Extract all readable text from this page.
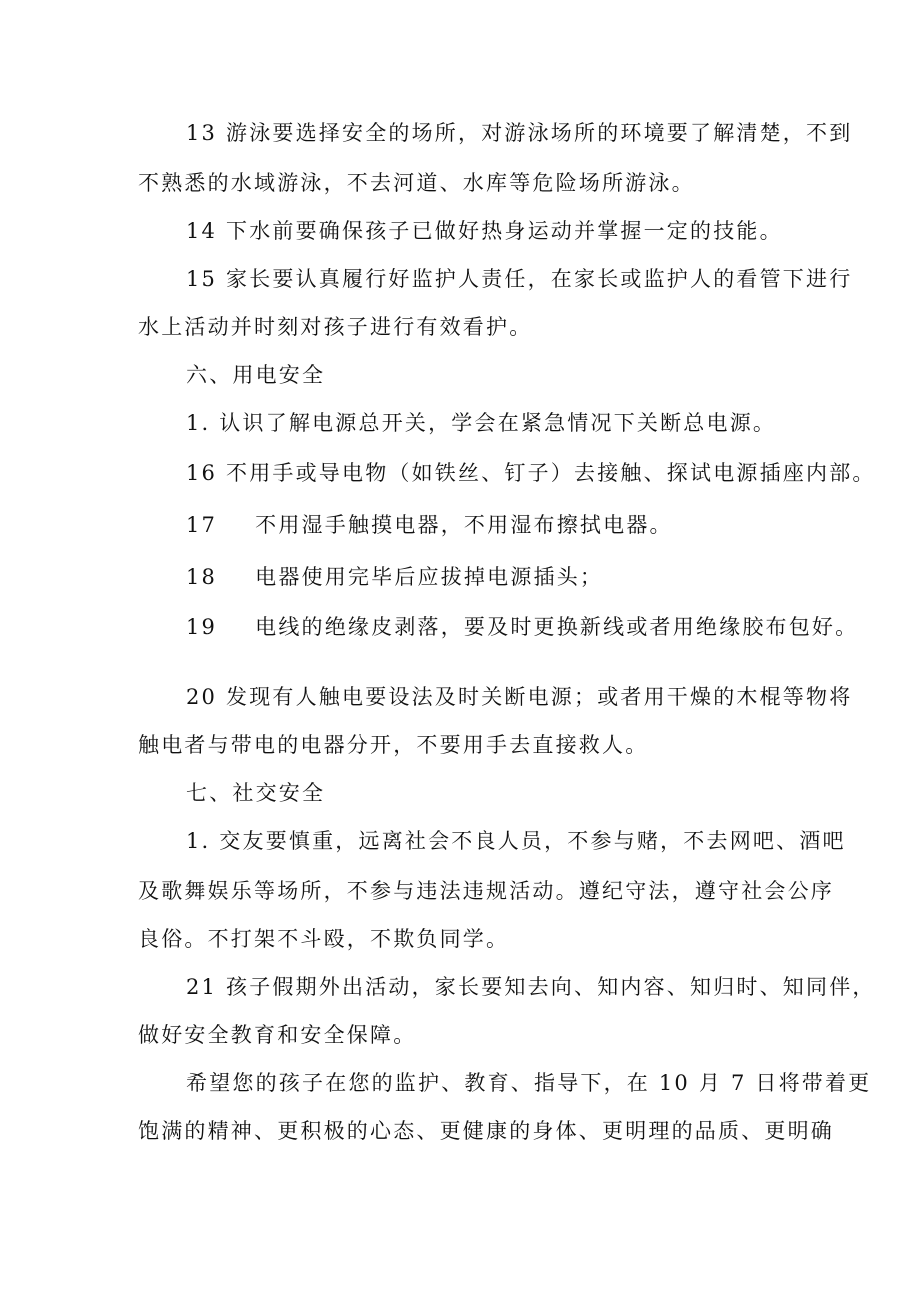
13 游泳要选择安全的场所，对游泳场所的环境要了解清楚，不到
不熟悉的水域游泳，不去河道、水库等危险场所游泳。
14 下水前要确保孩子已做好热身运动并掌握一定的技能。
15 家长要认真履行好监护人责任，在家长或监护人的看管下进行
水上活动并时刻对孩子进行有效看护。
六、用电安全
1. 认识了解电源总开关，学会在紧急情况下关断总电源。
16 不用手或导电物（如铁丝、钉子）去接触、探试电源插座内部。
17 不用湿手触摸电器，不用湿布擦拭电器。
18 电器使用完毕后应拔掉电源插头；
19 电线的绝缘皮剥落，要及时更换新线或者用绝缘胶布包好。
20 发现有人触电要设法及时关断电源；或者用干燥的木棍等物将
触电者与带电的电器分开，不要用手去直接救人。
七、社交安全
1. 交友要慎重，远离社会不良人员，不参与赌，不去网吧、酒吧
及歌舞娱乐等场所，不参与违法违规活动。遵纪守法，遵守社会公序
良俗。不打架不斗殴，不欺负同学。
21 孩子假期外出活动，家长要知去向、知内容、知归时、知同伴，
做好安全教育和安全保障。
希望您的孩子在您的监护、教育、指导下，在 10 月 7 日将带着更
饱满的精神、更积极的心态、更健康的身体、更明理的品质、更明确
